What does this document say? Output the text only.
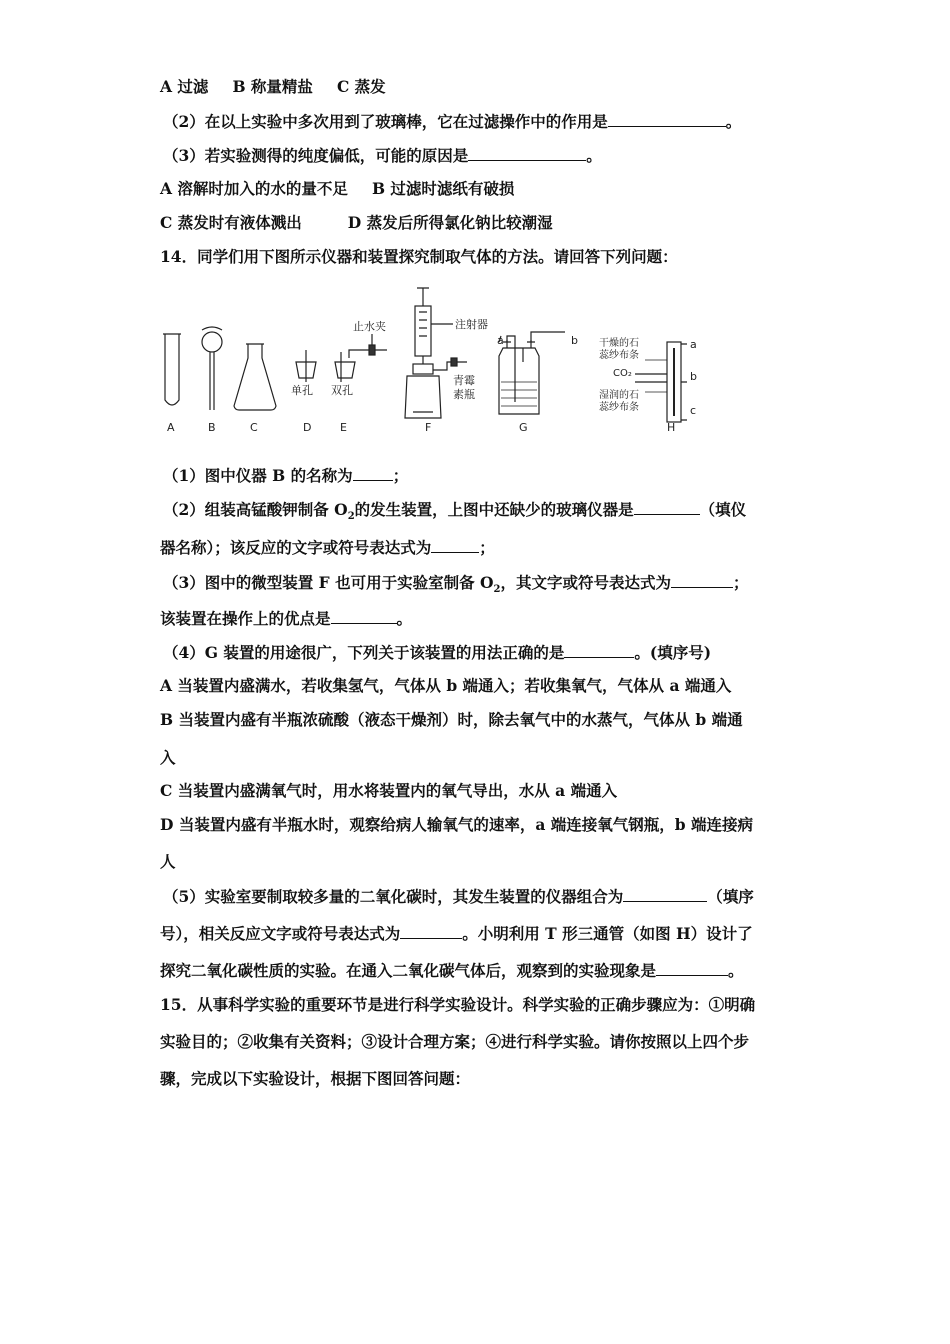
A 过滤 B 称量精盐 C 蒸发
（2）在以上实验中多次用到了玻璃棒，它在过滤操作中的作用是	。
（3）若实验测得的纯度偏低，可能的原因是	。
A 溶解时加入的水的量不足 B 过滤时滤纸有破损
C 蒸发时有液体溅出	D 蒸发后所得氯化钠比较潮湿
14．同学们用下图所示仪器和装置探究制取气体的方法。请回答下列问题：
A	B	C	D	E	F	G	H
止水夹	注射器
单孔 双孔
青霉
素瓶
a	b 干燥的石
蕊纱布条
CO₂
湿润的石
蕊纱布条
a
b
c
（1）图中仪器 B 的名称为	；
（2）组装高锰酸钾制备 $O_2$的发生装置，上图中还缺少的玻璃仪器是	（填仪
器名称）；该反应的文字或符号表达式为	；
（3）图中的微型装置 F 也可用于实验室制备 $O_2$，其文字或符号表达式为	；
该装置在操作上的优点是	。
（4）G 装置的用途很广，下列关于该装置的用法正确的是	。(填序号)
A 当装置内盛满水，若收集氢气，气体从 b 端通入；若收集氧气，气体从 a 端通入
B 当装置内盛有半瓶浓硫酸（液态干燥剂）时，除去氧气中的水蒸气，气体从 b 端通
入
C 当装置内盛满氧气时，用水将装置内的氧气导出，水从 a 端通入
D 当装置内盛有半瓶水时，观察给病人输氧气的速率，a 端连接氧气钢瓶，b 端连接病
人
（5）实验室要制取较多量的二氧化碳时，其发生装置的仪器组合为	（填序
号），相关反应文字或符号表达式为	。小明利用 T 形三通管（如图 H）设计了
探究二氧化碳性质的实验。在通入二氧化碳气体后，观察到的实验现象是	。
15．从事科学实验的重要环节是进行科学实验设计。科学实验的正确步骤应为：①明确
实验目的；②收集有关资料；③设计合理方案；④进行科学实验。请你按照以上四个步
骤，完成以下实验设计，根据下图回答问题：
